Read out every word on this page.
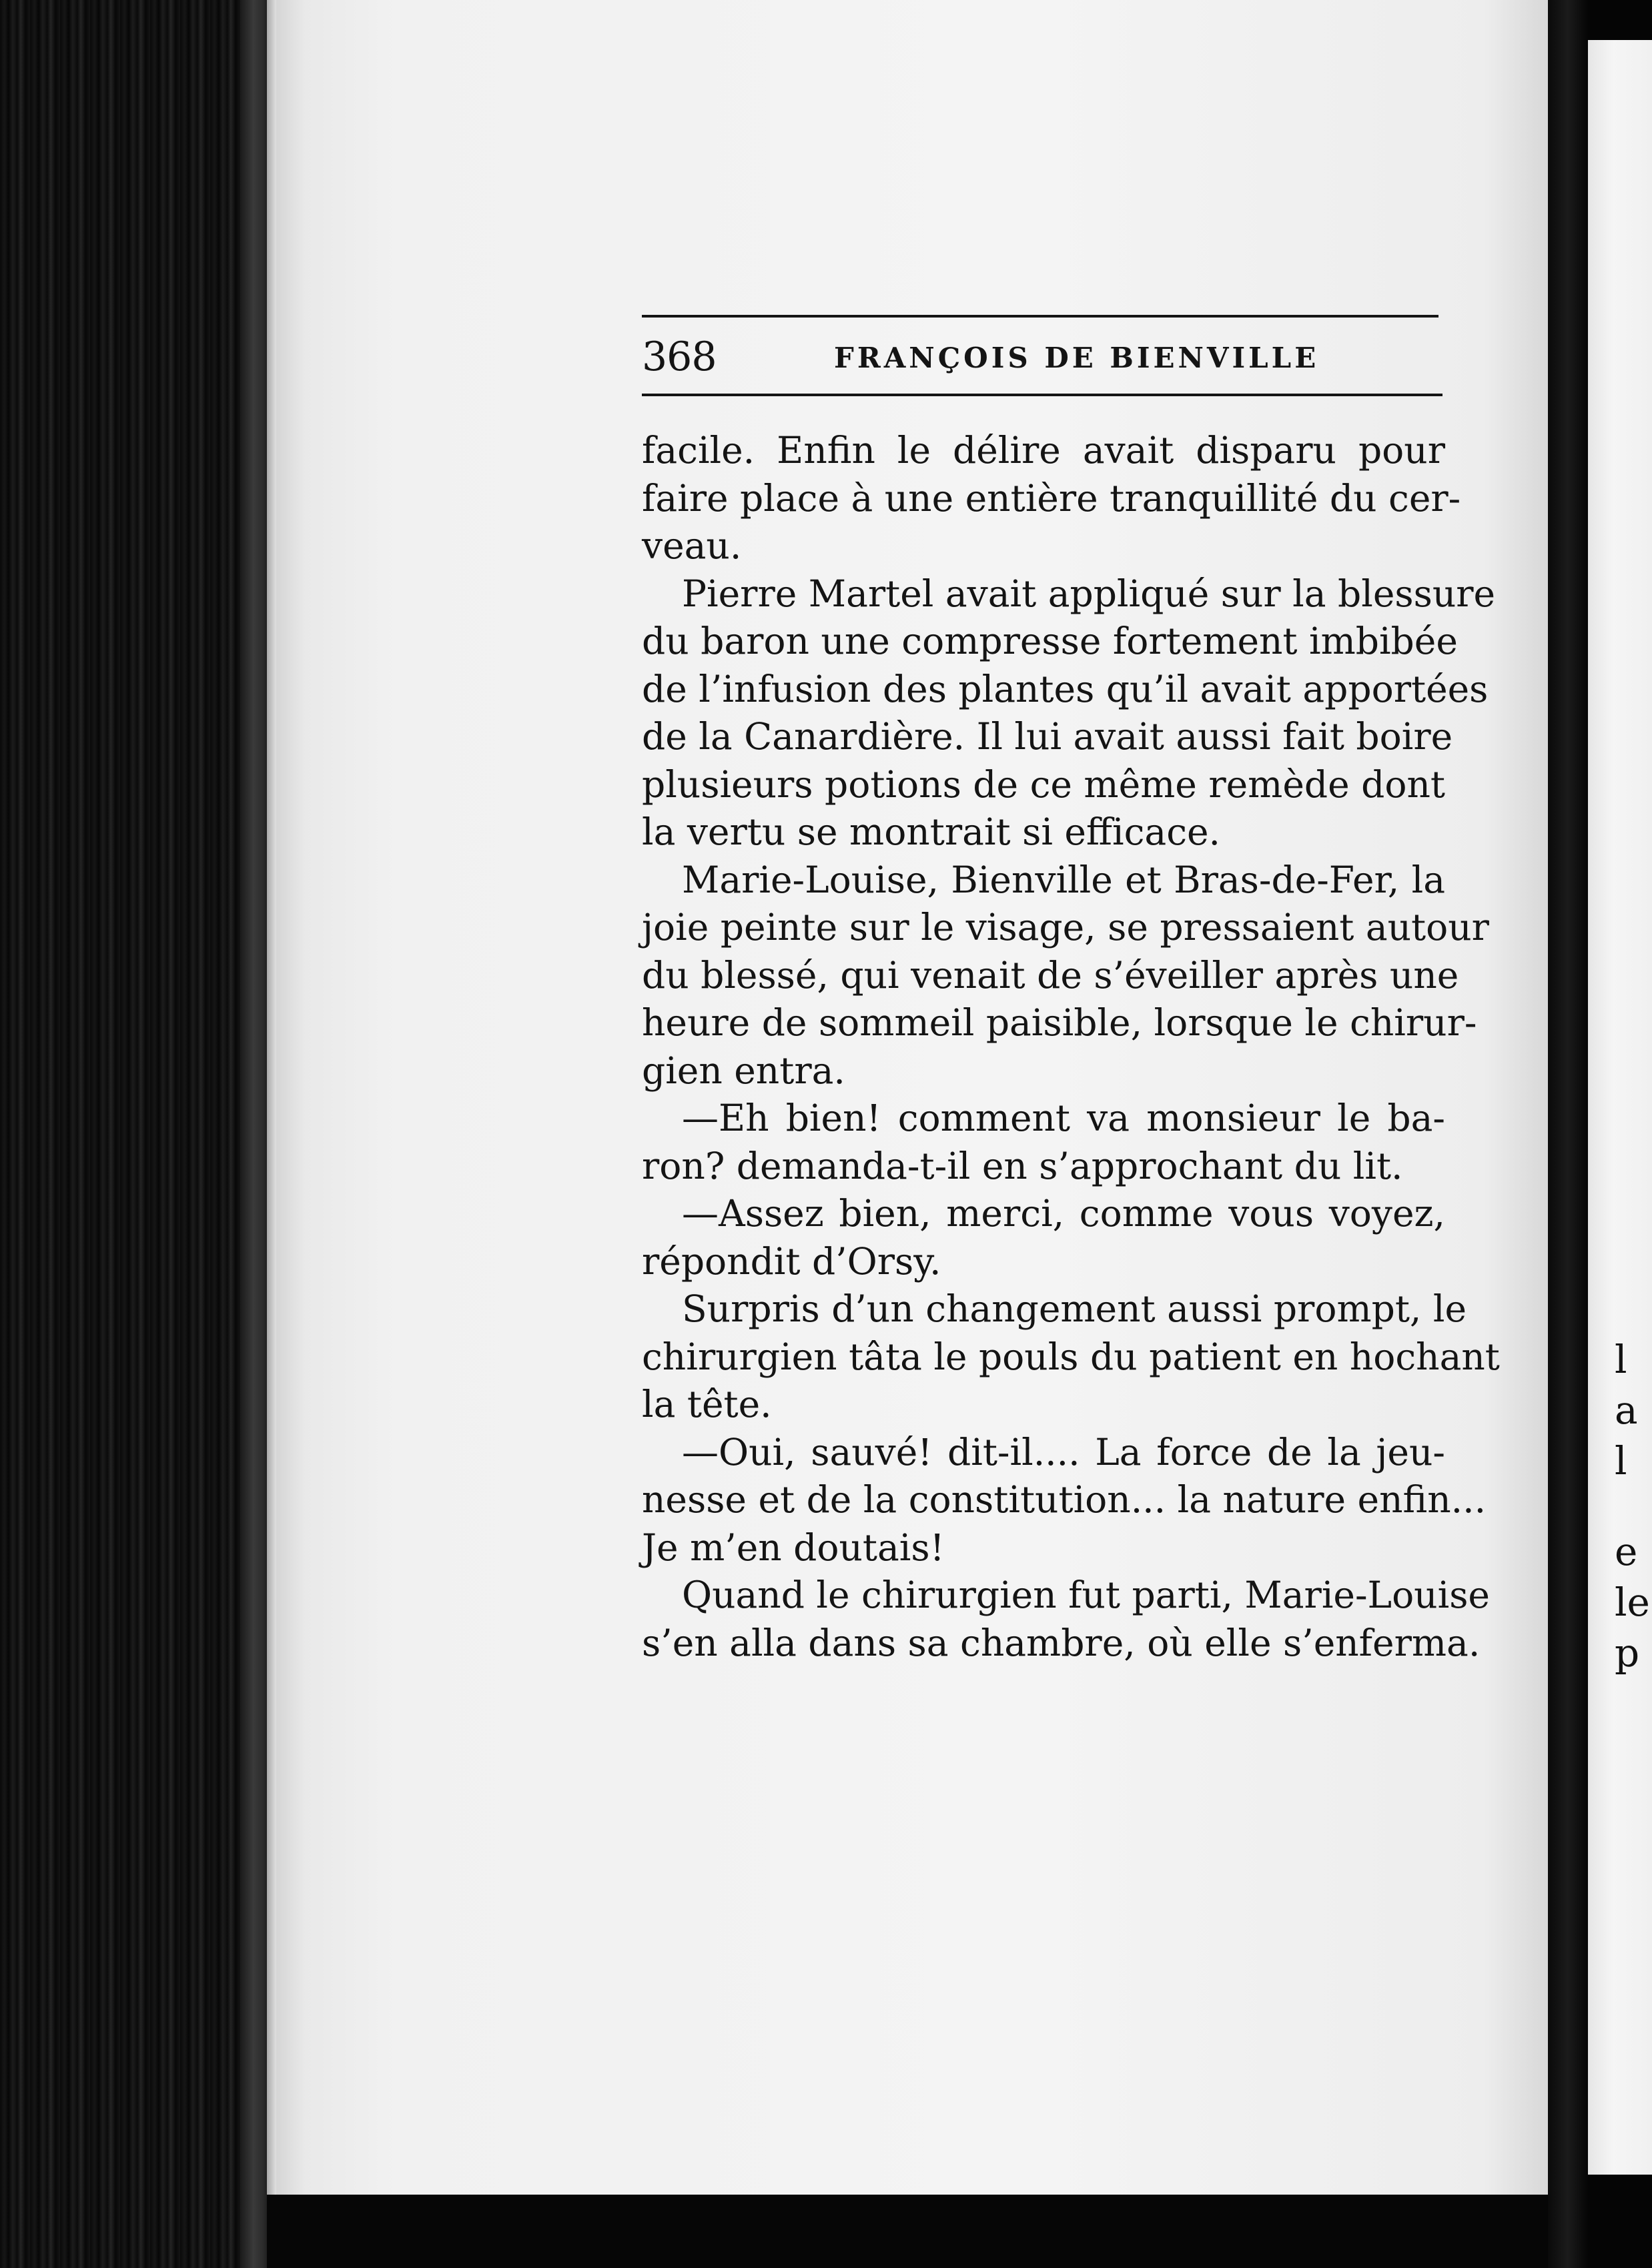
l
a
l
e
le
p
368	FRANÇOIS DE BIENVILLE
facile. Enfin le délire avait disparu pour
faire place à une entière tranquillité du cer-
veau.
Pierre Martel avait appliqué sur la blessure
du baron une compresse fortement imbibée
de l’infusion des plantes qu’il avait apportées
de la Canardière. Il lui avait aussi fait boire
plusieurs potions de ce même remède dont
la vertu se montrait si efficace.
Marie-Louise, Bienville et Bras-de-Fer, la
joie peinte sur le visage, se pressaient autour
du blessé, qui venait de s’éveiller après une
heure de sommeil paisible, lorsque le chirur-
gien entra.
—Eh bien! comment va monsieur le ba-
ron? demanda-t-il en s’approchant du lit.
—Assez bien, merci, comme vous voyez,
répondit d’Orsy.
Surpris d’un changement aussi prompt, le
chirurgien tâta le pouls du patient en hochant
la tête.
—Oui, sauvé! dit-il.... La force de la jeu-
nesse et de la constitution... la nature enfin...
Je m’en doutais!
Quand le chirurgien fut parti, Marie-Louise
s’en alla dans sa chambre, où elle s’enferma.
